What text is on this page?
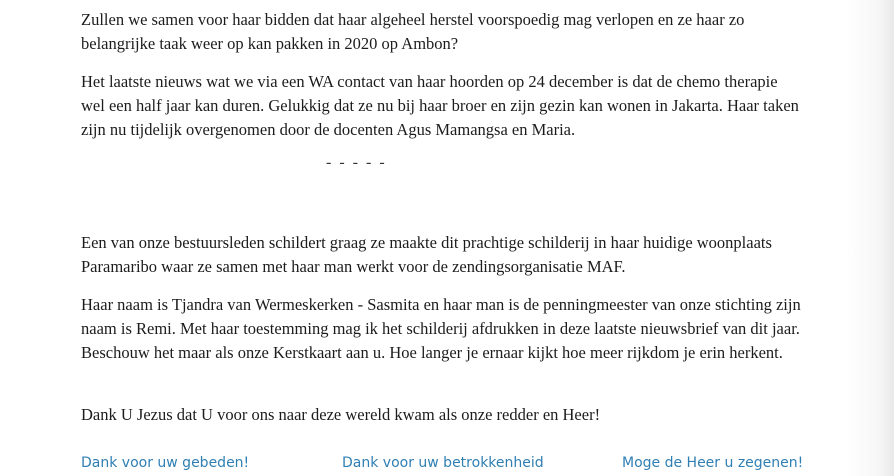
Zullen we samen voor haar bidden dat haar algeheel herstel voorspoedig mag verlopen en ze haar zo belangrijke taak weer op kan pakken in 2020 op Ambon?

Het laatste nieuws wat we via een WA contact van haar hoorden op 24 december is dat de chemo therapie wel een half jaar kan duren. Gelukkig dat ze nu bij haar broer en zijn gezin kan wonen in Jakarta. Haar taken zijn nu tijdelijk overgenomen door de docenten Agus Mamangsa en Maria.

- - - - -

Een van onze bestuursleden schildert graag ze maakte dit prachtige schilderij in haar huidige woonplaats Paramaribo waar ze samen met haar man werkt voor de zendingsorganisatie MAF.

Haar naam is Tjandra van Wermeskerken - Sasmita en haar man is de penningmeester van onze stichting zijn naam is Remi. Met haar toestemming mag ik het schilderij afdrukken in deze laatste nieuwsbrief van dit jaar. Beschouw het maar als onze Kerstkaart aan u. Hoe langer je ernaar kijkt hoe meer rijkdom je erin herkent.

Dank U Jezus dat U voor ons naar deze wereld kwam als onze redder en Heer!

Dank voor uw gebeden!	Dank voor uw betrokkenheid	Moge de Heer u zegenen!
